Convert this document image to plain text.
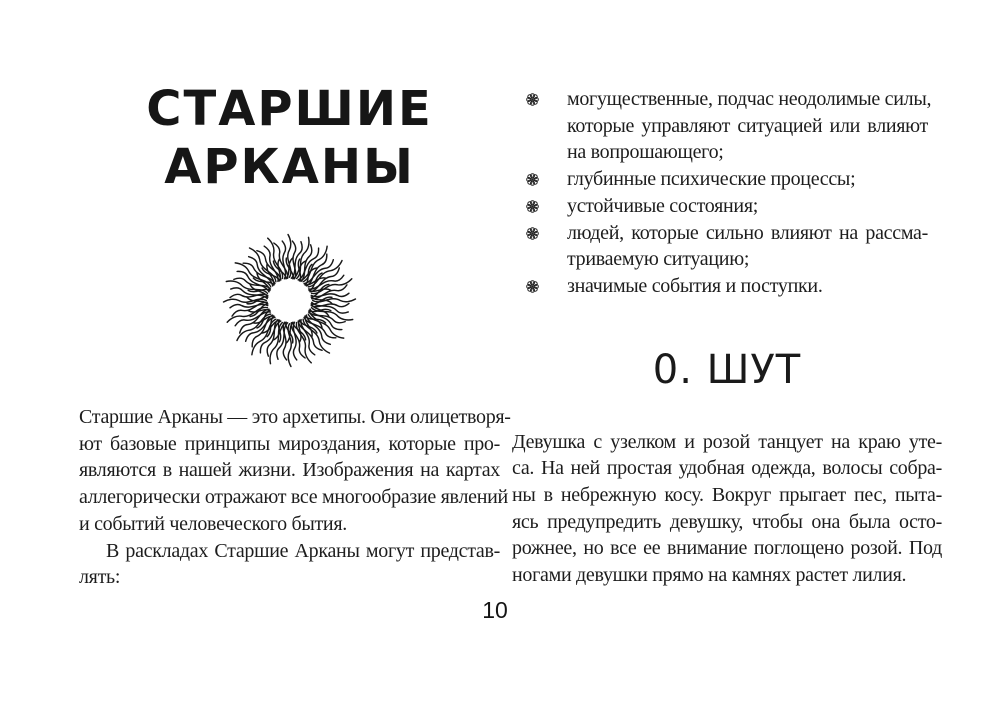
СТАРШИЕ
АРКАНЫ
Старшие Арканы — это архетипы. Они олицетворя-
ют базовые принципы мироздания, которые про-
являются в нашей жизни. Изображения на картах
аллегорически отражают все многообразие явлений
и событий человеческого бытия.
В раскладах Старшие Арканы могут представ-
лять:
могущественные, подчас неодолимые силы,
которые управляют ситуацией или влияют
на вопрошающего;
глубинные психические процессы;
устойчивые состояния;
людей, которые сильно влияют на рассма-
триваемую ситуацию;
значимые события и поступки.
0. ШУТ
Девушка с узелком и розой танцует на краю уте-
са. На ней простая удобная одежда, волосы собра-
ны в небрежную косу. Вокруг прыгает пес, пыта-
ясь предупредить девушку, чтобы она была осто-
рожнее, но все ее внимание поглощено розой. Под
ногами девушки прямо на камнях растет лилия.
10
